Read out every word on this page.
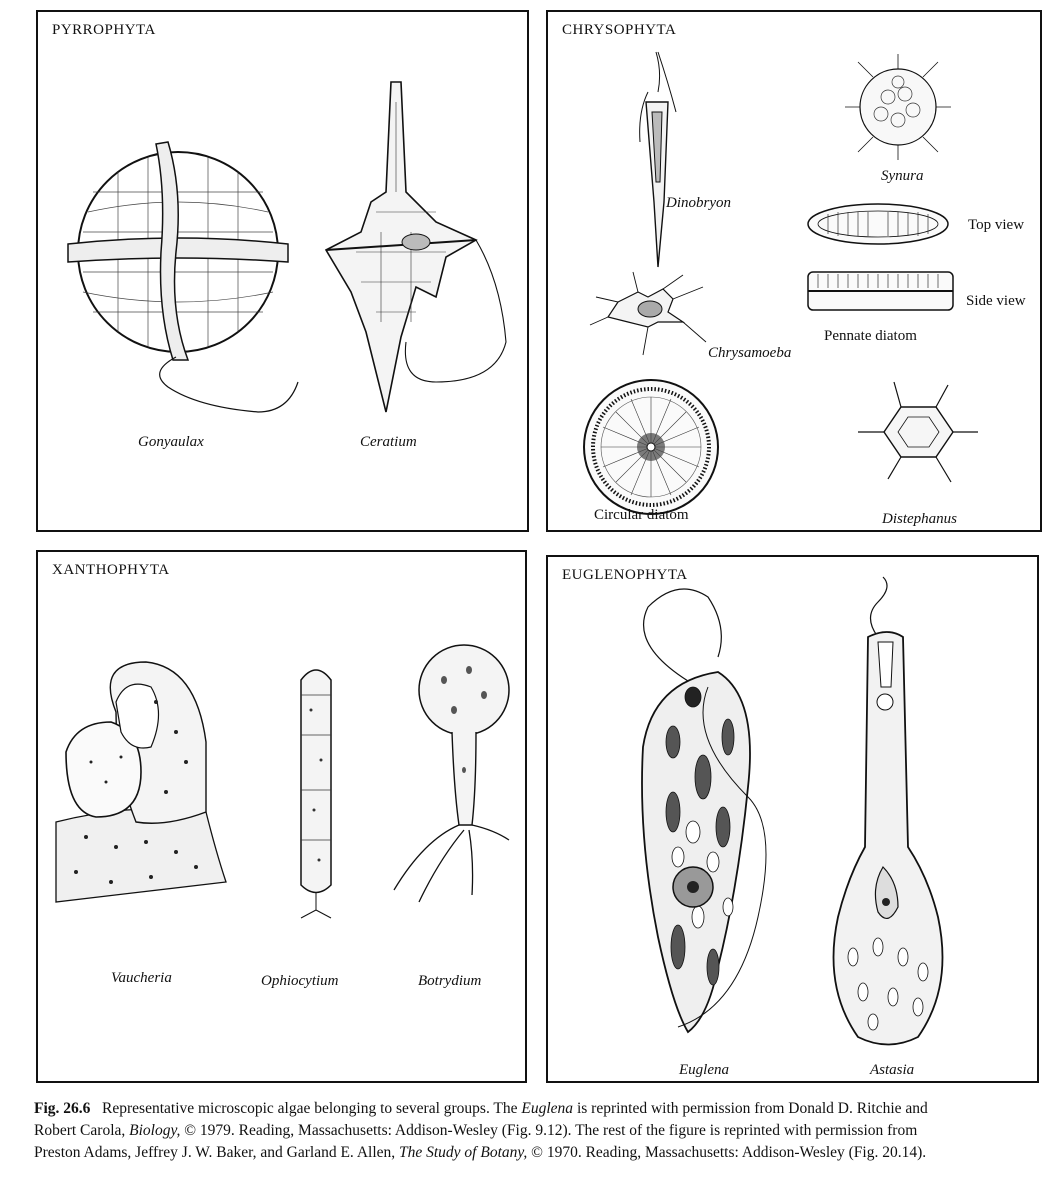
PYRROPHYTA
Gonyaulax	Ceratium
CHRYSOPHYTA
Dinobryon
Synura
Top view
Side view
Pennate diatom
Chrysamoeba
Circular diatom	Distephanus
XANTHOPHYTA
Vaucheria	Ophiocytium	Botrydium
EUGLENOPHYTA
Euglena	Astasia
Fig. 26.6 Representative microscopic algae belonging to several groups. The Euglena is reprinted with permission from Donald D. Ritchie and Robert Carola, Biology, © 1979. Reading, Massachusetts: Addison-Wesley (Fig. 9.12). The rest of the figure is reprinted with permission from Preston Adams, Jeffrey J. W. Baker, and Garland E. Allen, The Study of Botany, © 1970. Reading, Massachusetts: Addison-Wesley (Fig. 20.14).
